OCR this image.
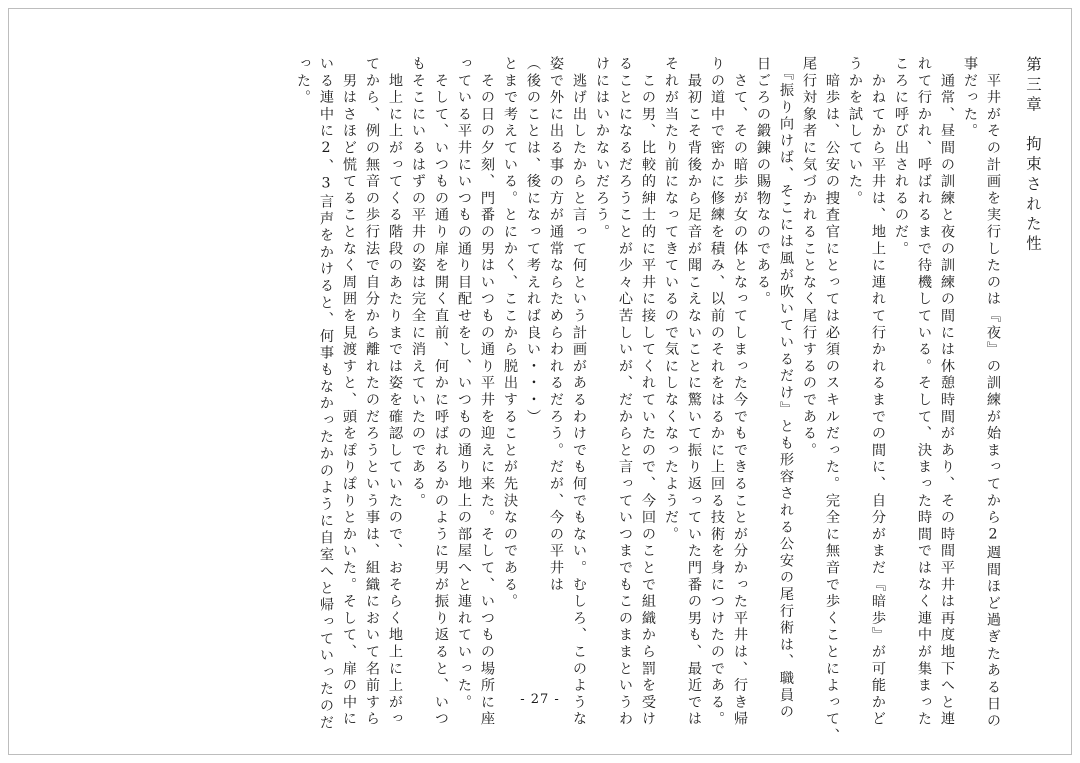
第三章　拘束された性
　平井がその計画を実行したのは『夜』の訓練が始まってから2週間ほど過ぎたある日の
事だった。
　通常、昼間の訓練と夜の訓練の間には休憩時間があり、その時間平井は再度地下へと連
れて行かれ、呼ばれるまで待機している。そして、決まった時間ではなく連中が集まった
ころに呼び出されるのだ。
　かねてから平井は、地上に連れて行かれるまでの間に、自分がまだ『暗歩』が可能かど
うかを試していた。
　暗歩は、公安の捜査官にとっては必須のスキルだった。完全に無音で歩くことによって、
尾行対象者に気づかれることなく尾行するのである。
　『振り向けば、そこには風が吹いているだけ』とも形容される公安の尾行術は、職員の
日ごろの鍛錬の賜物なのである。
　さて、その暗歩が女の体となってしまった今でもできることが分かった平井は、行き帰
りの道中で密かに修練を積み、以前のそれをはるかに上回る技術を身につけたのである。
　最初こそ背後から足音が聞こえないことに驚いて振り返っていた門番の男も、最近では
それが当たり前になってきているので気にしなくなったようだ。
　この男、比較的紳士的に平井に接してくれていたので、今回のことで組織から罰を受け
ることになるだろうことが少々心苦しいが、だからと言っていつまでもこのままというわ
けにはいかないだろう。
　逃げ出したからと言って何という計画があるわけでも何でもない。むしろ、このような
姿で外に出る事の方が通常ならためらわれるだろう。だが、今の平井は
（後のことは、後になって考えれば良い・・・）
とまで考えている。とにかく、ここから脱出することが先決なのである。
　その日の夕刻、門番の男はいつもの通り平井を迎えに来た。そして、いつもの場所に座
っている平井にいつもの通り目配せをし、いつもの通り地上の部屋へと連れていった。
　そして、いつもの通り扉を開く直前、何かに呼ばれるかのように男が振り返ると、いつ
もそこにいるはずの平井の姿は完全に消えていたのである。
　地上に上がってくる階段のあたりまでは姿を確認していたので、おそらく地上に上がっ
てから、例の無音の歩行法で自分から離れたのだろうという事は、組織において名前すら
　男はさほど慌てることなく周囲を見渡すと、頭をぽりぽりとかいた。そして、扉の中に
いる連中に2、3言声をかけると、何事もなかったかのように自室へと帰っていったのだ
った。
- 27 -
